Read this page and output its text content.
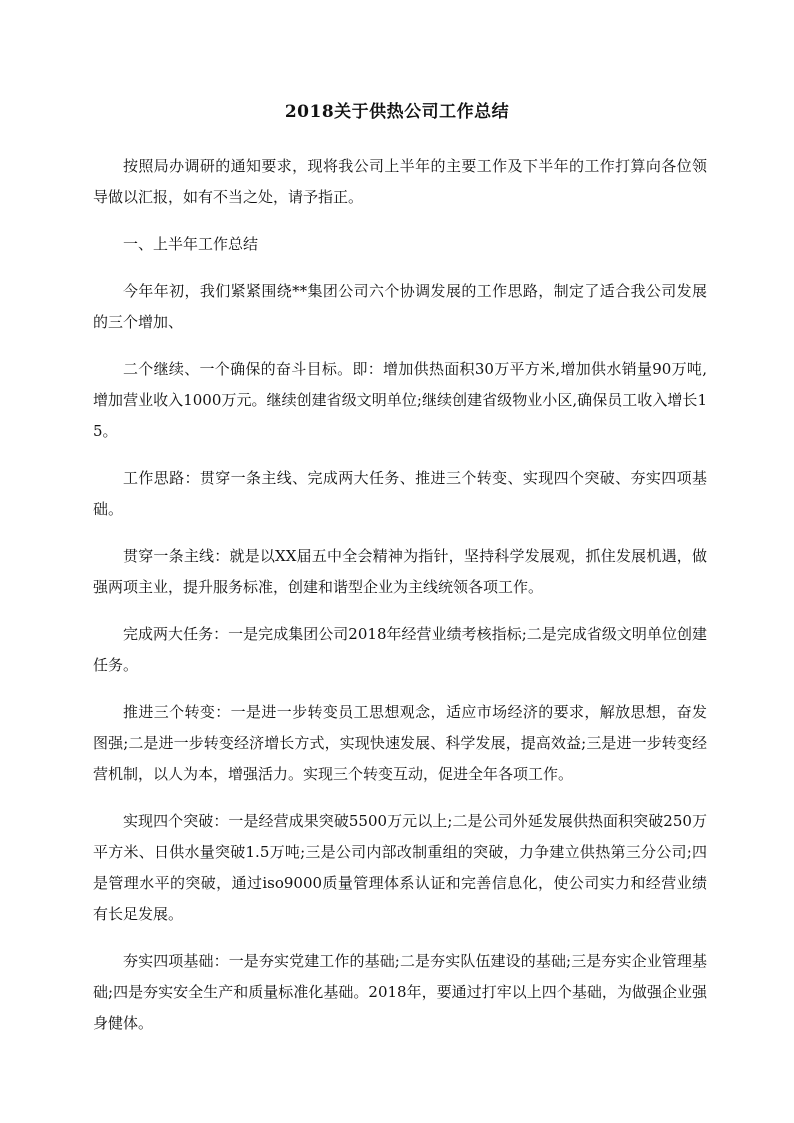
2018关于供热公司工作总结

按照局办调研的通知要求，现将我公司上半年的主要工作及下半年的工作打算向各位领导做以汇报，如有不当之处，请予指正。

一、上半年工作总结

今年年初，我们紧紧围绕**集团公司六个协调发展的工作思路，制定了适合我公司发展的三个增加、

二个继续、一个确保的奋斗目标。即：增加供热面积30万平方米,增加供水销量90万吨,增加营业收入1000万元。继续创建省级文明单位;继续创建省级物业小区,确保员工收入增长15。

工作思路：贯穿一条主线、完成两大任务、推进三个转变、实现四个突破、夯实四项基础。

贯穿一条主线：就是以XX届五中全会精神为指针，坚持科学发展观，抓住发展机遇，做强两项主业，提升服务标准，创建和谐型企业为主线统领各项工作。

完成两大任务：一是完成集团公司2018年经营业绩考核指标;二是完成省级文明单位创建任务。

推进三个转变：一是进一步转变员工思想观念，适应市场经济的要求，解放思想，奋发图强;二是进一步转变经济增长方式，实现快速发展、科学发展，提高效益;三是进一步转变经营机制，以人为本，增强活力。实现三个转变互动，促进全年各项工作。

实现四个突破：一是经营成果突破5500万元以上;二是公司外延发展供热面积突破250万平方米、日供水量突破1.5万吨;三是公司内部改制重组的突破，力争建立供热第三分公司;四是管理水平的突破，通过iso9000质量管理体系认证和完善信息化，使公司实力和经营业绩有长足发展。

夯实四项基础：一是夯实党建工作的基础;二是夯实队伍建设的基础;三是夯实企业管理基础;四是夯实安全生产和质量标准化基础。2018年，要通过打牢以上四个基础，为做强企业强身健体。
